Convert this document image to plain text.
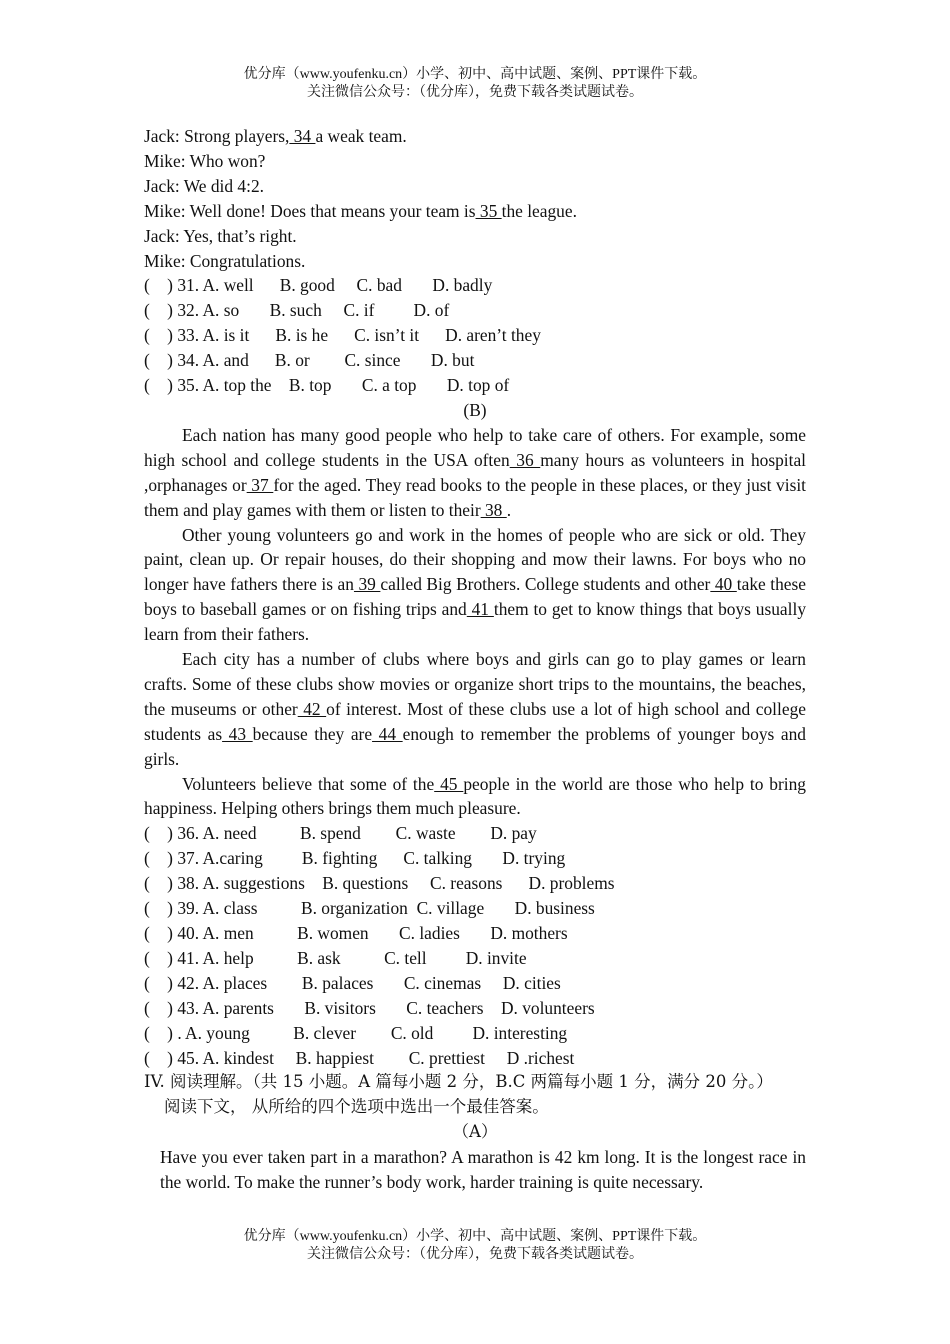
优分库（www.youfenku.cn）小学、初中、高中试题、案例、PPT课件下载。
关注微信公众号：（优分库），免费下载各类试题试卷。
Jack: Strong players, 34 a weak team.
Mike: Who won?
Jack: We did 4:2.
Mike: Well done! Does that means your team is 35 the league.
Jack: Yes, that’s right.
Mike: Congratulations.
(    ) 31. A. well      B. good     C. bad       D. badly
(    ) 32. A. so       B. such     C. if         D. of
(    ) 33. A. is it      B. is he      C. isn’t it      D. aren’t they
(    ) 34. A. and      B. or        C. since       D. but
(    ) 35. A. top the    B. top       C. a top       D. top of
(B)
Each nation has many good people who help to take care of others. For example, some high school and college students in the USA often 36 many hours as volunteers in hospital ,orphanages or 37 for the aged. They read books to the people in these places, or they just visit them and play games with them or listen to their 38 .
Other young volunteers go and work in the homes of people who are sick or old. They paint, clean up. Or repair houses, do their shopping and mow their lawns. For boys who no longer have fathers there is an 39 called Big Brothers. College students and other 40 take these boys to baseball games or on fishing trips and 41 them to get to know things that boys usually learn from their fathers.
Each city has a number of clubs where boys and girls can go to play games or learn crafts. Some of these clubs show movies or organize short trips to the mountains, the beaches, the museums or other 42 of interest. Most of these clubs use a lot of high school and college students as 43 because they are 44 enough to remember the problems of younger boys and girls.
Volunteers believe that some of the 45 people in the world are those who help to bring happiness. Helping others brings them much pleasure.
(    ) 36. A. need          B. spend        C. waste        D. pay
(    ) 37. A.caring         B. fighting      C. talking       D. trying
(    ) 38. A. suggestions    B. questions     C. reasons      D. problems
(    ) 39. A. class          B. organization  C. village       D. business
(    ) 40. A. men          B. women       C. ladies       D. mothers
(    ) 41. A. help          B. ask          C. tell         D. invite
(    ) 42. A. places        B. palaces       C. cinemas     D. cities
(    ) 43. A. parents       B. visitors       C. teachers    D. volunteers
(    ) . A. young          B. clever        C. old         D. interesting
(    ) 45. A. kindest     B. happiest        C. prettiest     D .richest
IV. 阅读理解。（共 15 小题。A 篇每小题 2 分，B.C 两篇每小题 1 分，满分 20 分。）
阅读下文， 从所给的四个选项中选出一个最佳答案。
（A）
Have you ever taken part in a marathon? A marathon is 42 km long. It is the longest race in the world. To make the runner’s body work, harder training is quite necessary.
优分库（www.youfenku.cn）小学、初中、高中试题、案例、PPT课件下载。
关注微信公众号：（优分库），免费下载各类试题试卷。
